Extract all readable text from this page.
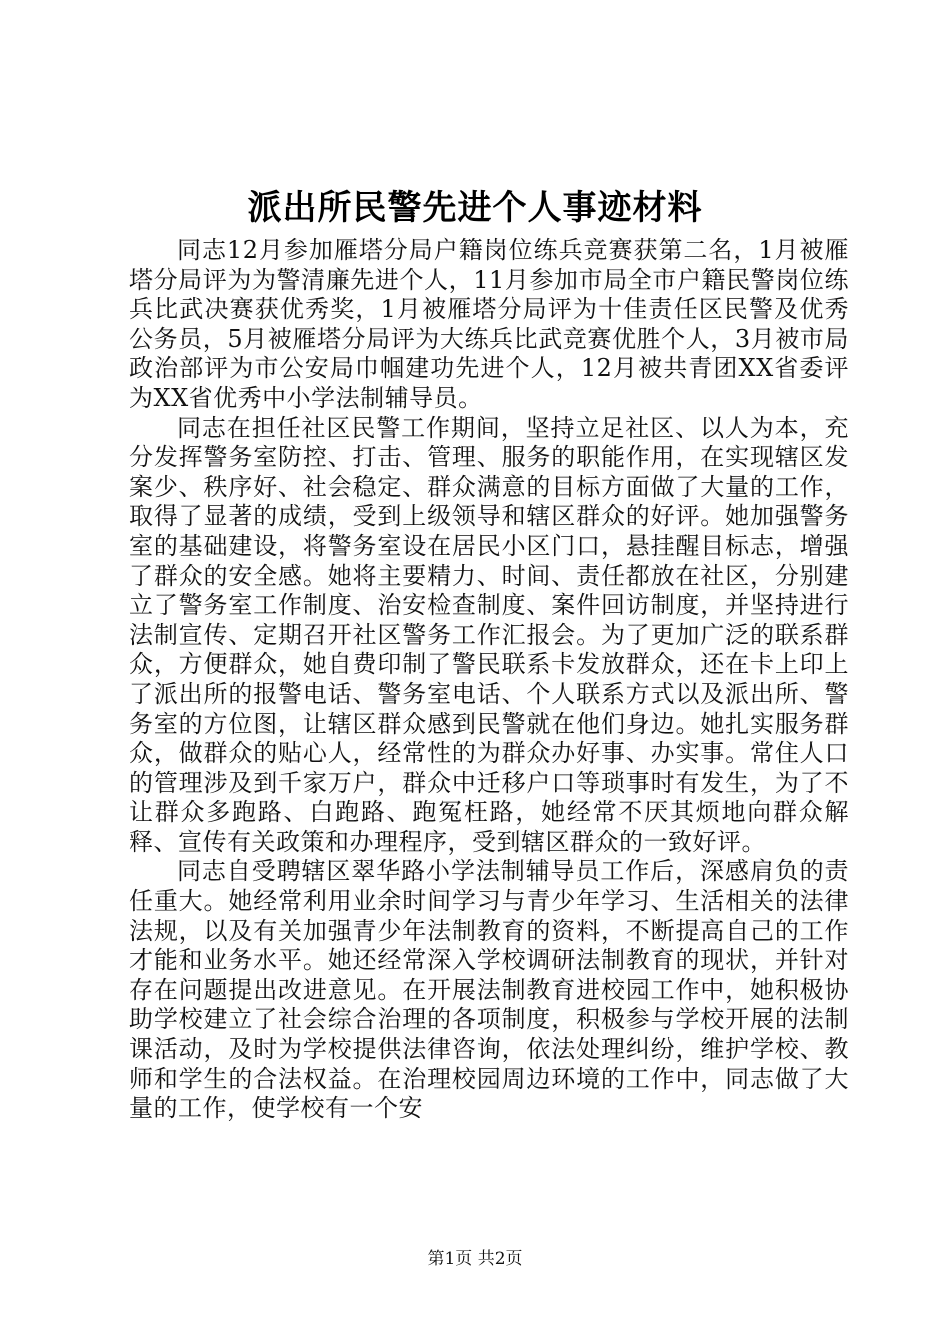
派出所民警先进个人事迹材料

同志12月参加雁塔分局户籍岗位练兵竞赛获第二名，1月被雁塔分局评为为警清廉先进个人，11月参加市局全市户籍民警岗位练兵比武决赛获优秀奖，1月被雁塔分局评为十佳责任区民警及优秀公务员，5月被雁塔分局评为大练兵比武竞赛优胜个人，3月被市局政治部评为市公安局巾帼建功先进个人，12月被共青团XX省委评为XX省优秀中小学法制辅导员。

同志在担任社区民警工作期间，坚持立足社区、以人为本，充分发挥警务室防控、打击、管理、服务的职能作用，在实现辖区发案少、秩序好、社会稳定、群众满意的目标方面做了大量的工作，取得了显著的成绩，受到上级领导和辖区群众的好评。她加强警务室的基础建设，将警务室设在居民小区门口，悬挂醒目标志，增强了群众的安全感。她将主要精力、时间、责任都放在社区，分别建立了警务室工作制度、治安检查制度、案件回访制度，并坚持进行法制宣传、定期召开社区警务工作汇报会。为了更加广泛的联系群众，方便群众，她自费印制了警民联系卡发放群众，还在卡上印上了派出所的报警电话、警务室电话、个人联系方式以及派出所、警务室的方位图，让辖区群众感到民警就在他们身边。她扎实服务群众，做群众的贴心人，经常性的为群众办好事、办实事。常住人口的管理涉及到千家万户，群众中迁移户口等琐事时有发生，为了不让群众多跑路、白跑路、跑冤枉路，她经常不厌其烦地向群众解释、宣传有关政策和办理程序，受到辖区群众的一致好评。

同志自受聘辖区翠华路小学法制辅导员工作后，深感肩负的责任重大。她经常利用业余时间学习与青少年学习、生活相关的法律法规，以及有关加强青少年法制教育的资料，不断提高自己的工作才能和业务水平。她还经常深入学校调研法制教育的现状，并针对存在问题提出改进意见。在开展法制教育进校园工作中，她积极协助学校建立了社会综合治理的各项制度，积极参与学校开展的法制课活动，及时为学校提供法律咨询，依法处理纠纷，维护学校、教师和学生的合法权益。在治理校园周边环境的工作中，同志做了大量的工作，使学校有一个安

第1页 共2页
